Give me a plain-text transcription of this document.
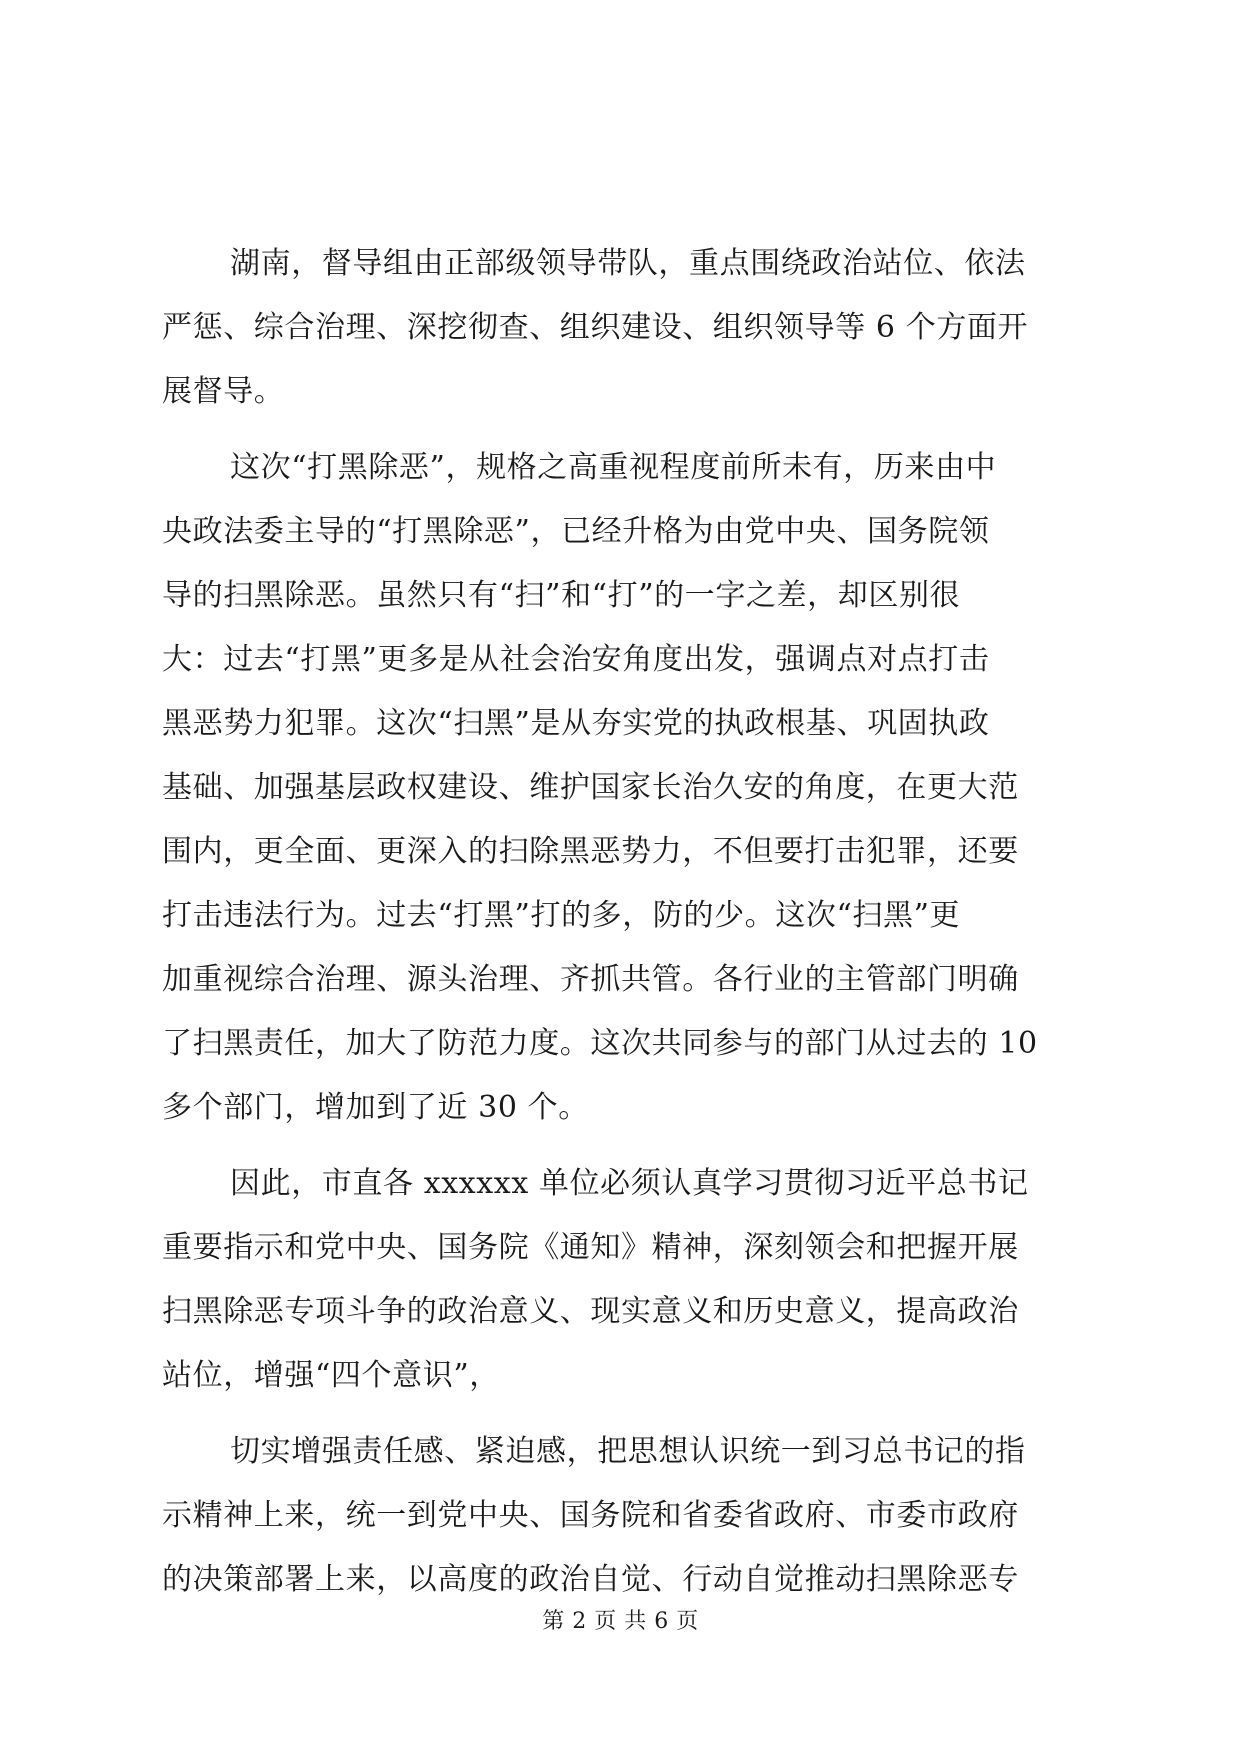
湖南，督导组由正部级领导带队，重点围绕政治站位、依法
严惩、综合治理、深挖彻查、组织建设、组织领导等 6 个方面开
展督导。
这次“打黑除恶”，规格之高重视程度前所未有，历来由中
央政法委主导的“打黑除恶”，已经升格为由党中央、国务院领
导的扫黑除恶。虽然只有“扫”和“打”的一字之差，却区别很
大：过去“打黑”更多是从社会治安角度出发，强调点对点打击
黑恶势力犯罪。这次“扫黑”是从夯实党的执政根基、巩固执政
基础、加强基层政权建设、维护国家长治久安的角度，在更大范
围内，更全面、更深入的扫除黑恶势力，不但要打击犯罪，还要
打击违法行为。过去“打黑”打的多，防的少。这次“扫黑”更
加重视综合治理、源头治理、齐抓共管。各行业的主管部门明确
了扫黑责任，加大了防范力度。这次共同参与的部门从过去的 10
多个部门，增加到了近 30 个。
因此，市直各 xxxxxx 单位必须认真学习贯彻习近平总书记
重要指示和党中央、国务院《通知》精神，深刻领会和把握开展
扫黑除恶专项斗争的政治意义、现实意义和历史意义，提高政治
站位，增强“四个意识”，
切实增强责任感、紧迫感，把思想认识统一到习总书记的指
示精神上来，统一到党中央、国务院和省委省政府、市委市政府
的决策部署上来，以高度的政治自觉、行动自觉推动扫黑除恶专
第 2 页 共 6 页
